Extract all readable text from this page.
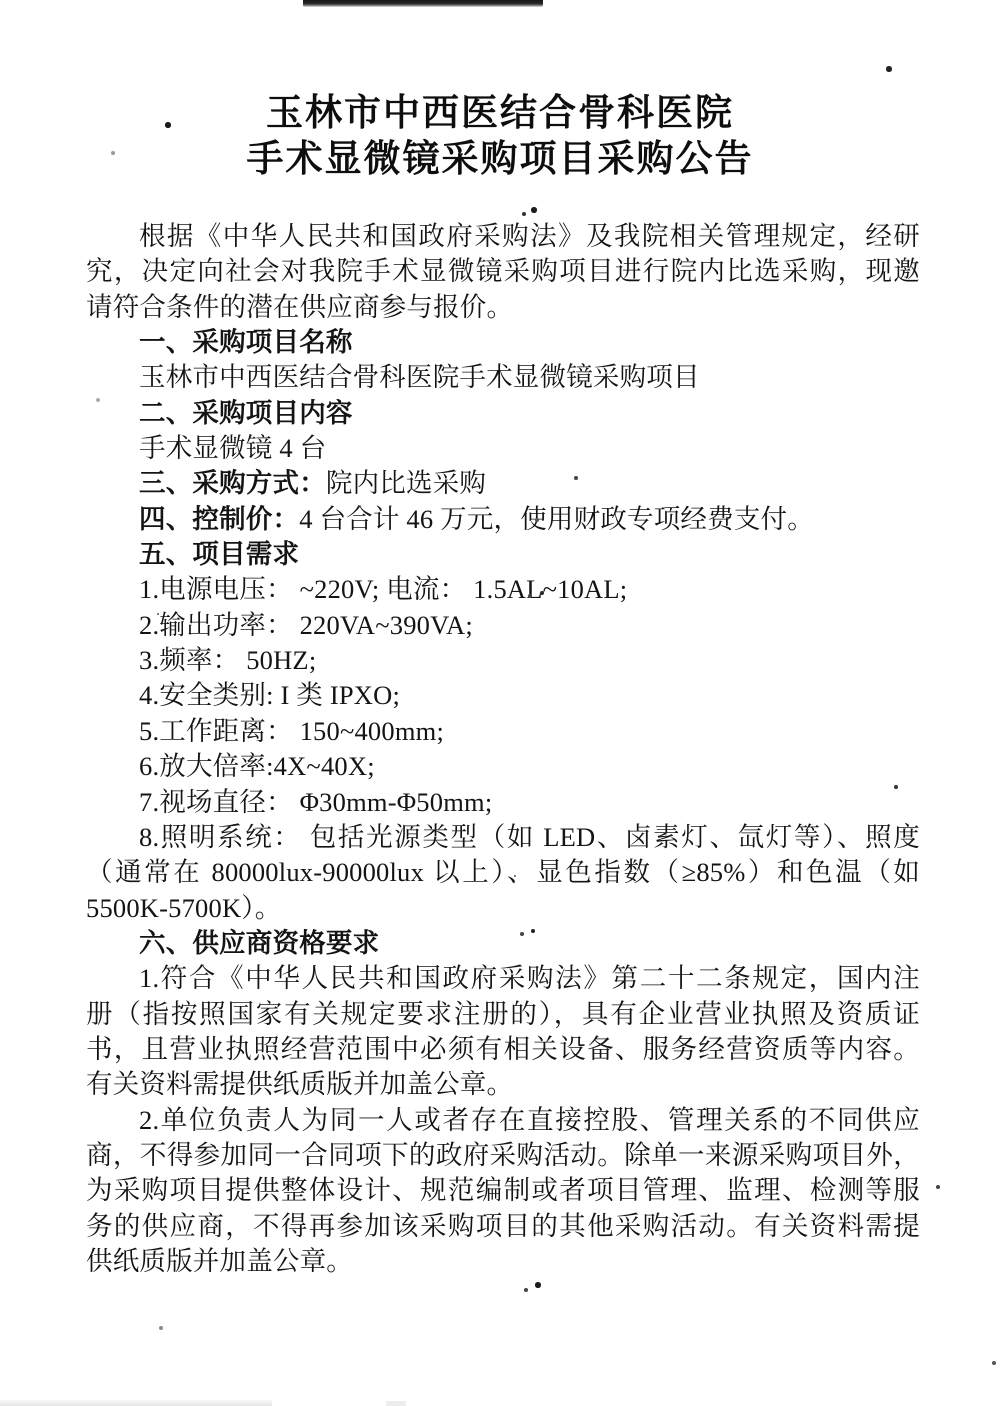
玉林市中西医结合骨科医院
手术显微镜采购项目采购公告
根据《中华人民共和国政府采购法》及我院相关管理规定，经研
究，决定向社会对我院手术显微镜采购项目进行院内比选采购，现邀
请符合条件的潜在供应商参与报价。
一、采购项目名称
玉林市中西医结合骨科医院手术显微镜采购项目
二、采购项目内容
手术显微镜 4 台
三、采购方式：院内比选采购
四、控制价：4 台合计 46 万元，使用财政专项经费支付。
五、项目需求
1.电源电压： ~220V; 电流： 1.5AL~10AL;
2.输出功率： 220VA~390VA;
3.频率： 50HZ;
4.安全类别: I 类 IPXO;
5.工作距离： 150~400mm;
6.放大倍率:4X~40X;
7.视场直径： Φ30mm-Φ50mm;
8.照明系统： 包括光源类型（如 LED、卤素灯、氙灯等）、照度
（通常在 80000lux-90000lux 以上）、显色指数（≥85%）和色温（如
5500K-5700K）。
六、供应商资格要求
1.符合《中华人民共和国政府采购法》第二十二条规定，国内注
册（指按照国家有关规定要求注册的），具有企业营业执照及资质证
书，且营业执照经营范围中必须有相关设备、服务经营资质等内容。
有关资料需提供纸质版并加盖公章。
2.单位负责人为同一人或者存在直接控股、管理关系的不同供应
商，不得参加同一合同项下的政府采购活动。除单一来源采购项目外，
为采购项目提供整体设计、规范编制或者项目管理、监理、检测等服
务的供应商，不得再参加该采购项目的其他采购活动。有关资料需提
供纸质版并加盖公章。
